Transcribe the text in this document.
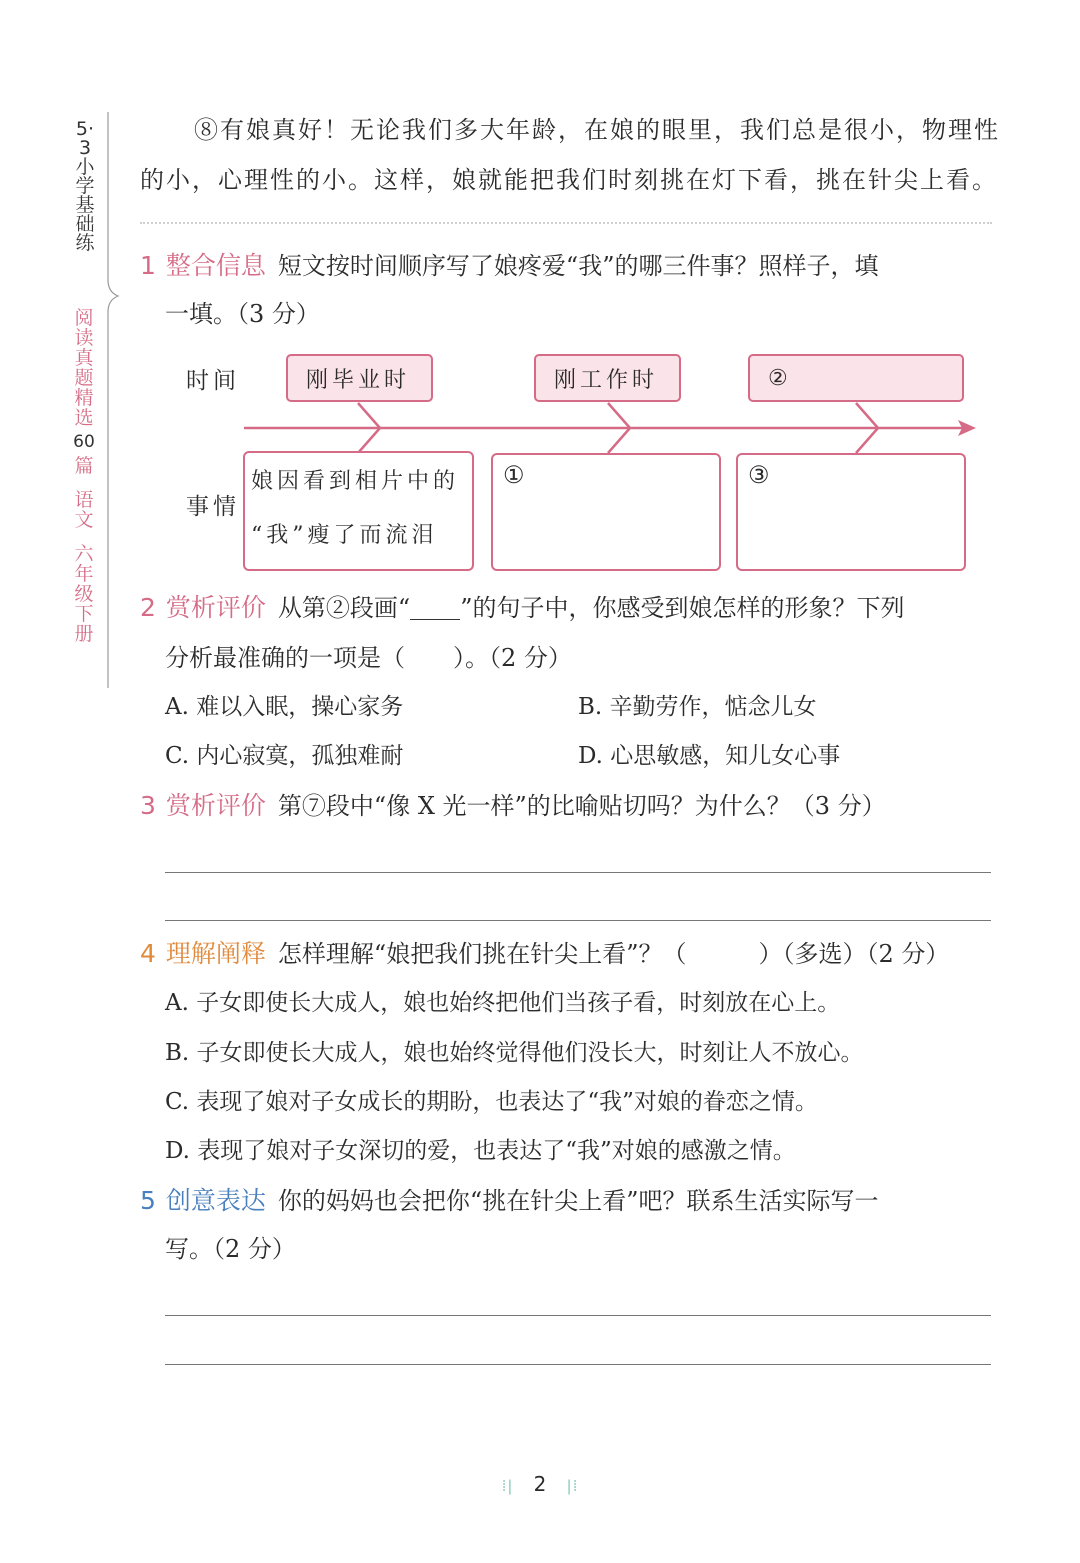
5·3小学基础练
阅读真题精选
60
篇
语文
六年级下册
⑧有娘真好！无论我们多大年龄，在娘的眼里，我们总是很小，物理性
的小，心理性的小。这样，娘就能把我们时刻挑在灯下看，挑在针尖上看。
1 整合信息 短文按时间顺序写了娘疼爱“我”的哪三件事？照样子，填
一填。（3 分）
时间
事情
刚毕业时	刚工作时	②
娘因看到相片中的
“我”瘦了而流泪
①	③
2 赏析评价 从第②段画“ ”的句子中，你感受到娘怎样的形象？下列
分析最准确的一项是（　　）。（2 分）
A. 难以入眠，操心家务	B. 辛勤劳作，惦念儿女
C. 内心寂寞，孤独难耐	D. 心思敏感，知儿女心事
3 赏析评价 第⑦段中“像 X 光一样”的比喻贴切吗？为什么？（3 分）
4 理解阐释 怎样理解“娘把我们挑在针尖上看”？（　　　）（多选）（2 分）
A. 子女即使长大成人，娘也始终把他们当孩子看，时刻放在心上。
B. 子女即使长大成人，娘也始终觉得他们没长大，时刻让人不放心。
C. 表现了娘对子女成长的期盼，也表达了“我”对娘的眷恋之情。
D. 表现了娘对子女深切的爱，也表达了“我”对娘的感激之情。
5 创意表达 你的妈妈也会把你“挑在针尖上看”吧？联系生活实际写一
写。（2 分）
⁞ǀ 2 ǀ⁞
